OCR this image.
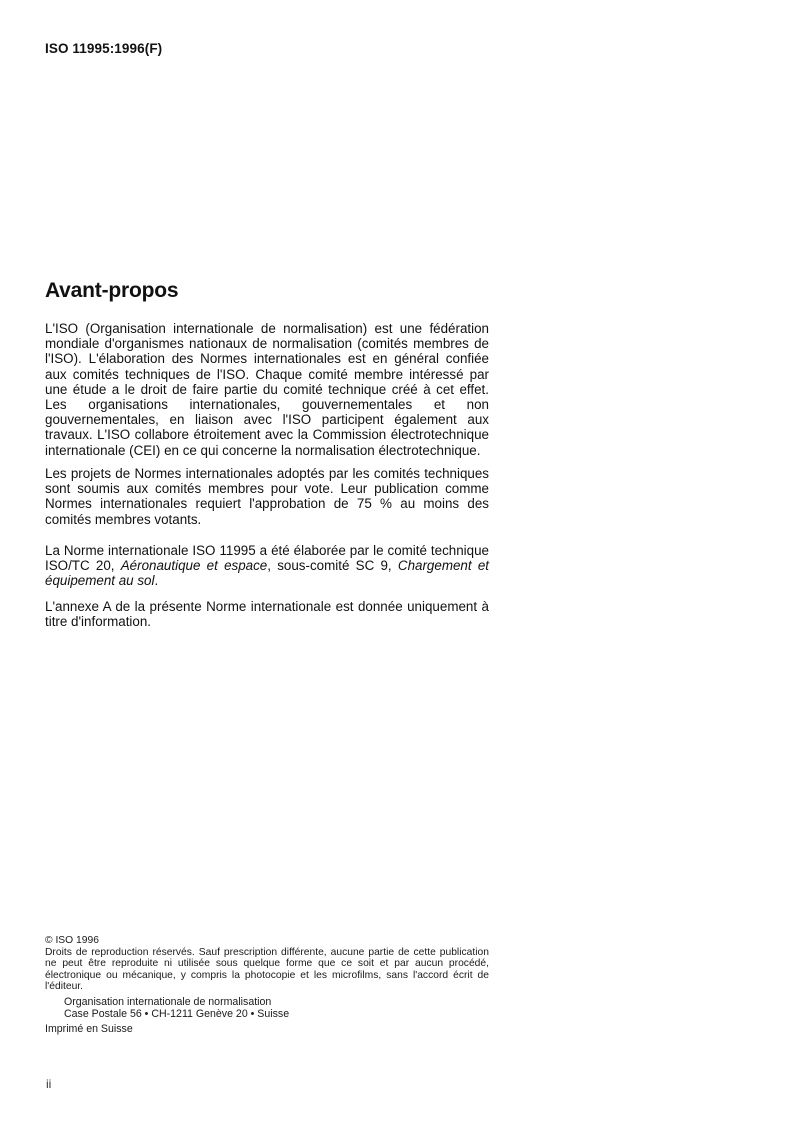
ISO 11995:1996(F)
Avant-propos

L'ISO (Organisation internationale de normalisation) est une fédération mondiale d'organismes nationaux de normalisation (comités membres de l'ISO). L'élaboration des Normes internationales est en général confiée aux comités techniques de l'ISO. Chaque comité membre intéressé par une étude a le droit de faire partie du comité technique créé à cet effet. Les organisations internationales, gouvernementales et non gouvernementales, en liaison avec l'ISO participent également aux travaux. L'ISO collabore étroitement avec la Commission électrotechnique internationale (CEI) en ce qui concerne la normalisation électrotechnique.

Les projets de Normes internationales adoptés par les comités techniques sont soumis aux comités membres pour vote. Leur publication comme Normes internationales requiert l'approbation de 75 % au moins des comités membres votants.

La Norme internationale ISO 11995 a été élaborée par le comité technique ISO/TC 20, Aéronautique et espace, sous-comité SC 9, Chargement et équipement au sol.

L'annexe A de la présente Norme internationale est donnée uniquement à titre d'information.

© ISO 1996
Droits de reproduction réservés. Sauf prescription différente, aucune partie de cette publication ne peut être reproduite ni utilisée sous quelque forme que ce soit et par aucun procédé, électronique ou mécanique, y compris la photocopie et les microfilms, sans l'accord écrit de l'éditeur.
Organisation internationale de normalisation
Case Postale 56 • CH-1211 Genève 20 • Suisse
Imprimé en Suisse
ii
